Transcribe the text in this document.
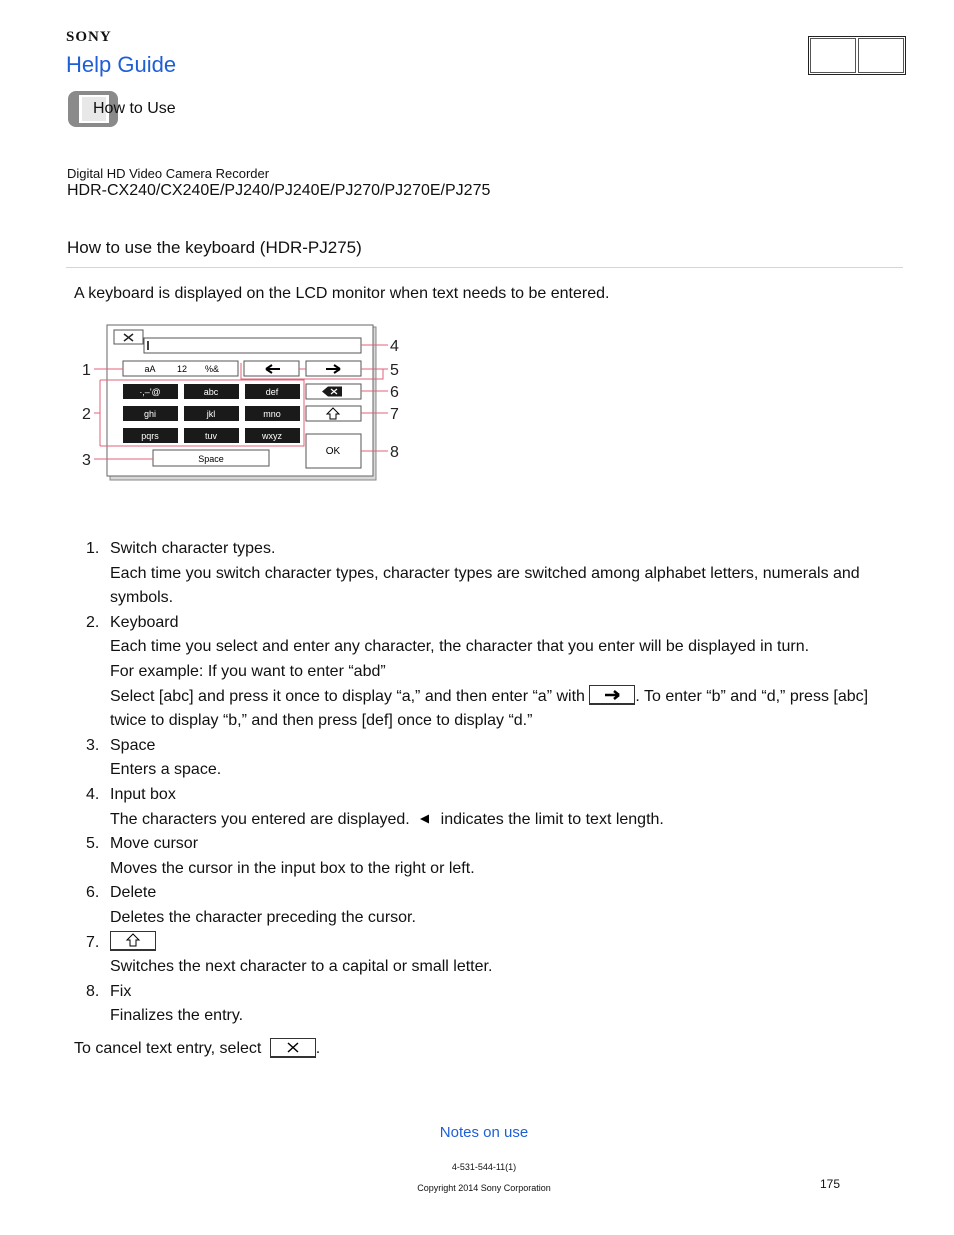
SONY
Help Guide
How to Use
Digital HD Video Camera Recorder
HDR-CX240/CX240E/PJ240/PJ240E/PJ270/PJ270E/PJ275
How to use the keyboard (HDR-PJ275)
A keyboard is displayed on the LCD monitor when text needs to be entered.
aA 12 %&
·,–'@	abc	def
ghi	jkl	mno
pqrs	tuv	wxyz
OK
Space
1
2
3
4
5
6
7
8
1. Switch character types.
Each time you switch character types, character types are switched among alphabet letters, numerals and symbols.
2. Keyboard
Each time you select and enter any character, the character that you enter will be displayed in turn.
For example: If you want to enter “abd”
Select [abc] and press it once to display “a,” and then enter “a” with	. To enter “b” and “d,” press [abc] twice to display “b,” and then press [def] once to display “d.”
3. Space
Enters a space.
4. Input box
The characters you entered are displayed. indicates the limit to text length.
5. Move cursor
Moves the cursor in the input box to the right or left.
6. Delete
Deletes the character preceding the cursor.
7.
Switches the next character to a capital or small letter.
8. Fix
Finalizes the entry.
To cancel text entry, select	.
Notes on use
4-531-544-11(1)
Copyright 2014 Sony Corporation	175
